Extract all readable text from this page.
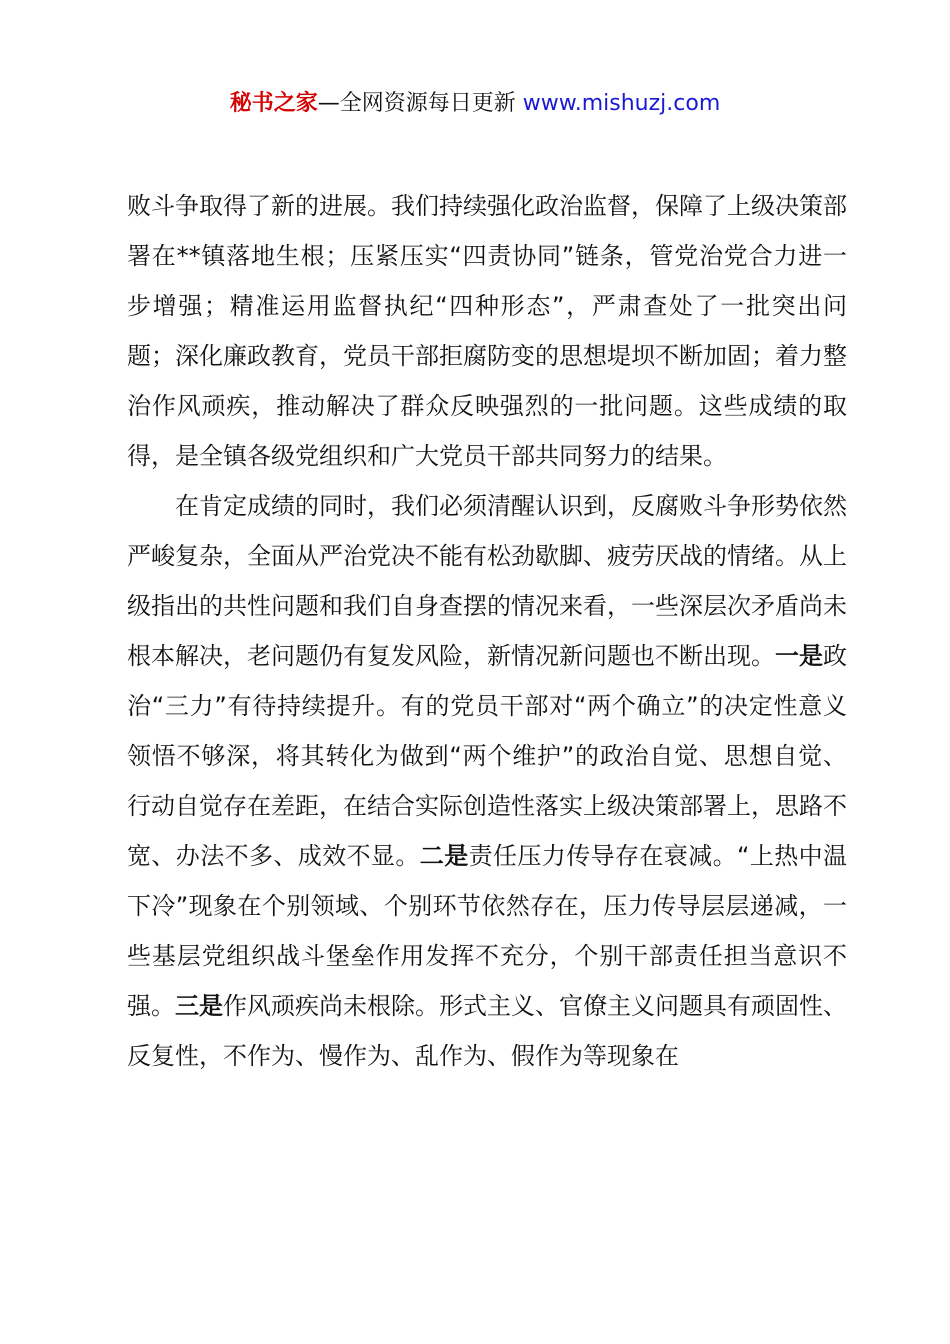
秘书之家—全网资源每日更新 www.mishuzj.com

败斗争取得了新的进展。我们持续强化政治监督，保障了上级决策部署在**镇落地生根；压紧压实“四责协同”链条，管党治党合力进一步增强；精准运用监督执纪“四种形态”，严肃查处了一批突出问题；深化廉政教育，党员干部拒腐防变的思想堤坝不断加固；着力整治作风顽疾，推动解决了群众反映强烈的一批问题。这些成绩的取得，是全镇各级党组织和广大党员干部共同努力的结果。

在肯定成绩的同时，我们必须清醒认识到，反腐败斗争形势依然严峻复杂，全面从严治党决不能有松劲歇脚、疲劳厌战的情绪。从上级指出的共性问题和我们自身查摆的情况来看，一些深层次矛盾尚未根本解决，老问题仍有复发风险，新情况新问题也不断出现。一是政治“三力”有待持续提升。有的党员干部对“两个确立”的决定性意义领悟不够深，将其转化为做到“两个维护”的政治自觉、思想自觉、行动自觉存在差距，在结合实际创造性落实上级决策部署上，思路不宽、办法不多、成效不显。二是责任压力传导存在衰减。“上热中温下冷”现象在个别领域、个别环节依然存在，压力传导层层递减，一些基层党组织战斗堡垒作用发挥不充分，个别干部责任担当意识不强。三是作风顽疾尚未根除。形式主义、官僚主义问题具有顽固性、反复性，不作为、慢作为、乱作为、假作为等现象在
